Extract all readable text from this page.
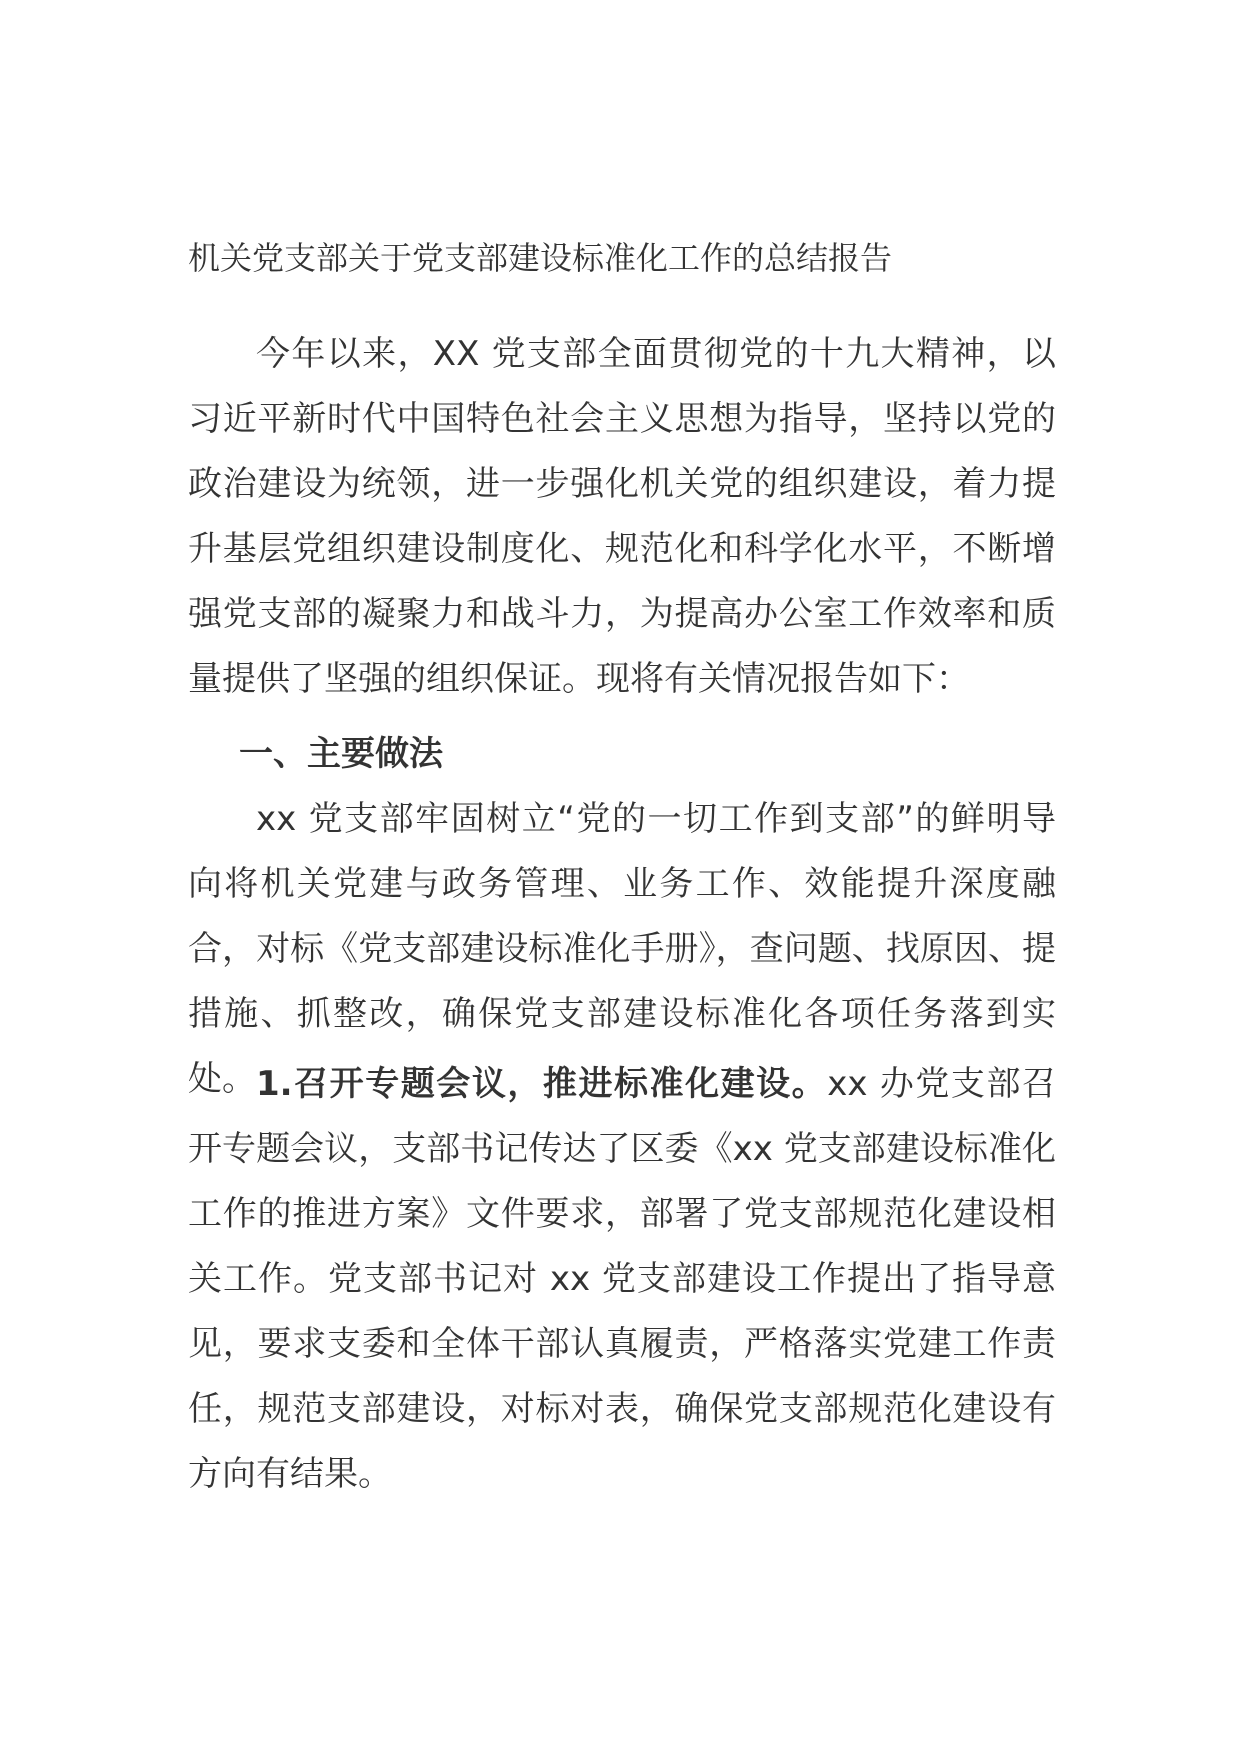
机关党支部关于党支部建设标准化工作的总结报告

今年以来，XX 党支部全面贯彻党的十九大精神，以习近平新时代中国特色社会主义思想为指导，坚持以党的政治建设为统领，进一步强化机关党的组织建设，着力提升基层党组织建设制度化、规范化和科学化水平，不断增强党支部的凝聚力和战斗力，为提高办公室工作效率和质量提供了坚强的组织保证。现将有关情况报告如下：

一、主要做法

xx 党支部牢固树立“党的一切工作到支部”的鲜明导向将机关党建与政务管理、业务工作、效能提升深度融合，对标《党支部建设标准化手册》，查问题、找原因、提措施、抓整改，确保党支部建设标准化各项任务落到实处。 1.召开专题会议，推进标准化建设。xx 办党支部召开专题会议，支部书记传达了区委《xx 党支部建设标准化工作的推进方案》文件要求，部署了党支部规范化建设相关工作。党支部书记对 xx 党支部建设工作提出了指导意见，要求支委和全体干部认真履责，严格落实党建工作责任，规范支部建设，对标对表，确保党支部规范化建设有方向有结果。
